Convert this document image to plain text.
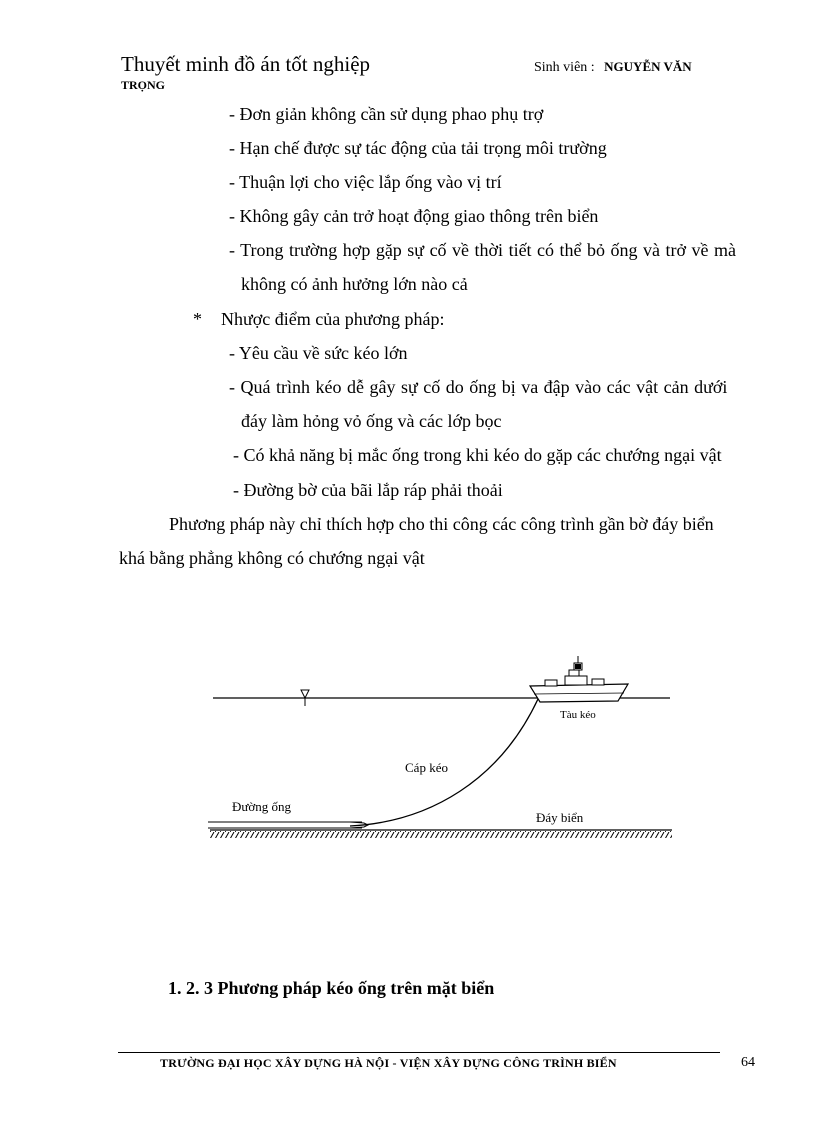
Thuyết minh đồ án tốt nghiệp	Sinh viên : NGUYỄN VĂN
TRỌNG
- Đơn giản không cần sử dụng phao phụ trợ
- Hạn chế được sự tác động của tải trọng môi trường
- Thuận lợi cho việc lắp ống vào vị trí
- Không gây cản trở hoạt động giao thông trên biển
- Trong trường hợp gặp sự cố về thời tiết có thể bỏ ống và trở về mà
không có ảnh hưởng lớn nào cả
* Nhược điểm của phương pháp:
- Yêu cầu về sức kéo lớn
- Quá trình kéo dễ gây sự cố do ống bị va đập vào các vật cản dưới
đáy làm hỏng vỏ ống và các lớp bọc
- Có khả năng bị mắc ống trong khi kéo do gặp các chướng ngại vật
- Đường bờ của bãi lắp ráp phải thoải
Phương pháp này chỉ thích hợp cho thi công các công trình gần bờ đáy biển
khá bằng phẳng không có chướng ngại vật
Tàu kéo
Cáp kéo
Đường ống
Đáy biển
1. 2. 3 Phương pháp kéo ống trên mặt biển
TRƯỜNG ĐẠI HỌC XÂY DỰNG HÀ NỘI - VIỆN XÂY DỰNG CÔNG TRÌNH BIỂN	64
